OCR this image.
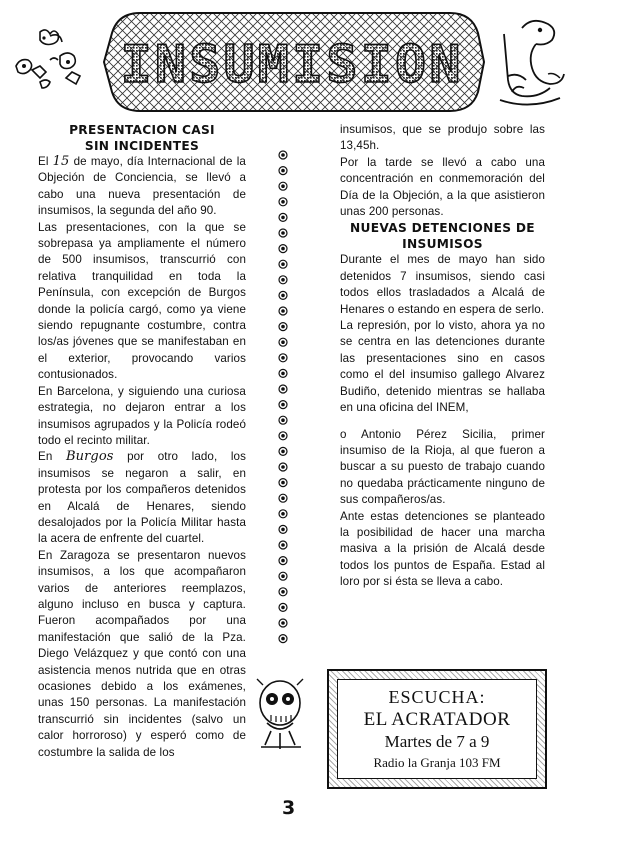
INSUMISION

PRESENTACION CASI

SIN INCIDENTES

El 15 de mayo, día Internacional de la Objeción de Conciencia, se llevó a cabo una nueva presentación de insumisos, la segunda del año 90.

Las presentaciones, con la que se sobrepasa ya ampliamente el número de 500 insumisos, transcurrió con relativa tranquilidad en toda la Península, con excepción de Burgos donde la policía cargó, como ya viene siendo repugnante costumbre, contra los/as jóvenes que se manifestaban en el exterior, provocando varios contusionados.

En Barcelona, y siguiendo una curiosa estrategia, no dejaron entrar a los insumisos agrupados y la Policía rodeó todo el recinto militar.

En Burgos por otro lado, los insumisos se negaron a salir, en protesta por los compañeros detenidos en Alcalá de Henares, siendo desalojados por la Policía Militar hasta la acera de enfrente del cuartel.

En Zaragoza se presentaron nuevos insumisos, a los que acompañaron varios de anteriores reemplazos, alguno incluso en busca y captura. Fueron acompañados por una manifestación que salió de la Pza. Diego Velázquez y que contó con una asistencia menos nutrida que en otras ocasiones debido a los exámenes, unas 150 personas. La manifestación transcurrió sin incidentes (salvo un calor horroroso) y esperó como de costumbre la salida de los

insumisos, que se produjo sobre las 13,45h.

Por la tarde se llevó a cabo una concentración en conmemoración del Día de la Objeción, a la que asistieron unas 200 personas.

NUEVAS DETENCIONES DE

INSUMISOS

Durante el mes de mayo han sido detenidos 7 insumisos, siendo casi todos ellos trasladados a Alcalá de Henares o estando en espera de serlo.

La represión, por lo visto, ahora ya no se centra en las detenciones durante las presentaciones sino en casos como el del insumiso gallego Alvarez Budiño, detenido mientras se hallaba en una oficina del INEM,

o Antonio Pérez Sicilia, primer insumiso de la Rioja, al que fueron a buscar a su puesto de trabajo cuando no quedaba prácticamente ninguno de sus compañeros/as.

Ante estas detenciones se planteado la posibilidad de hacer una marcha masiva a la prisión de Alcalá desde todos los puntos de España. Estad al loro por si ésta se lleva a cabo.

ESCUCHA:
EL ACRATADOR
Martes de 7 a 9
Radio la Granja 103 FM
3
